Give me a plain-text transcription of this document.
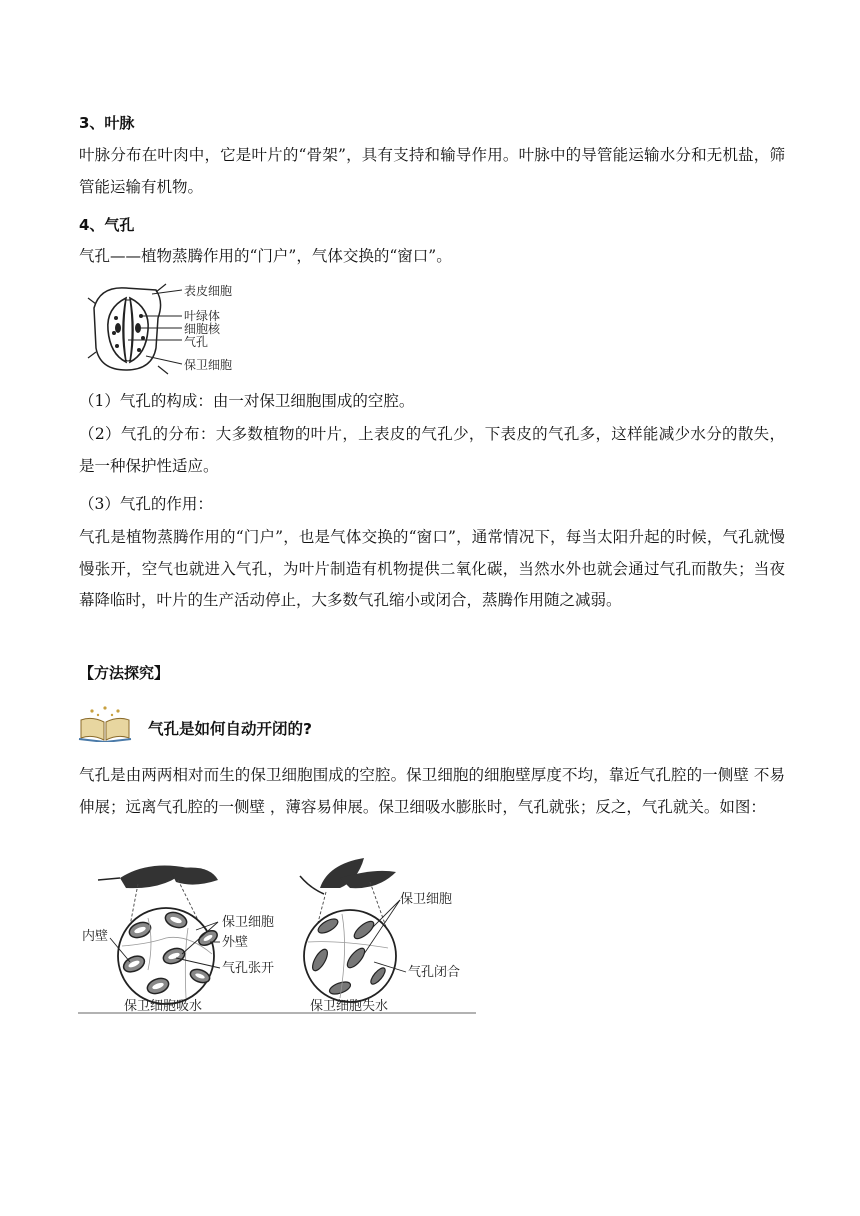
3、叶脉

叶脉分布在叶肉中，它是叶片的“骨架”，具有支持和输导作用。叶脉中的导管能运输水分和无机盐，筛管能运输有机物。

4、气孔

气孔——植物蒸腾作用的“门户”，气体交换的“窗口”。

表皮细胞
叶绿体
细胞核
气孔
保卫细胞

（1）气孔的构成：由一对保卫细胞围成的空腔。

（2）气孔的分布：大多数植物的叶片，上表皮的气孔少，下表皮的气孔多，这样能减少水分的散失，是一种保护性适应。

（3）气孔的作用：

气孔是植物蒸腾作用的“门户”，也是气体交换的“窗口”，通常情况下，每当太阳升起的时候，气孔就慢慢张开，空气也就进入气孔，为叶片制造有机物提供二氧化碳，当然水外也就会通过气孔而散失；当夜幕降临时，叶片的生产活动停止，大多数气孔缩小或闭合，蒸腾作用随之减弱。

【方法探究】
气孔是如何自动开闭的?

气孔是由两两相对而生的保卫细胞围成的空腔。保卫细胞的细胞壁厚度不均，靠近气孔腔的一侧壁 不易伸展；远离气孔腔的一侧壁 ，薄容易伸展。保卫细吸水膨胀时，气孔就张；反之，气孔就关。如图：

内壁
保卫细胞
外壁
气孔张开
保卫细胞吸水
保卫细胞
气孔闭合
保卫细胞失水
